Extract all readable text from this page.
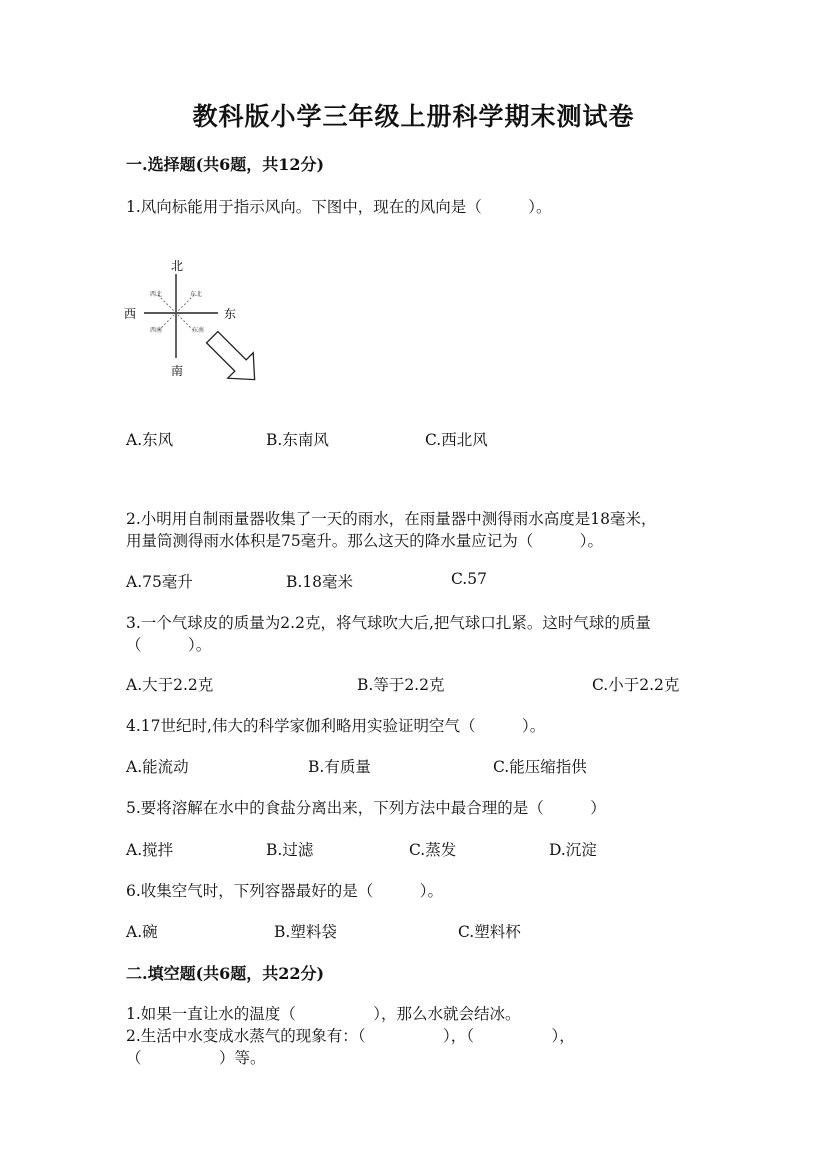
教科版小学三年级上册科学期末测试卷
一.选择题(共6题，共12分)
1.风向标能用于指示风向。下图中，现在的风向是（　　　）。
北
南
东
西
西北	东北
西南	东南
A.东风	B.东南风	C.西北风
2.小明用自制雨量器收集了一天的雨水，在雨量器中测得雨水高度是18毫米，
用量筒测得雨水体积是75毫升。那么这天的降水量应记为（　　　）。
A.75毫升	B.18毫米	C.57
3.一个气球皮的质量为2.2克，将气球吹大后,把气球口扎紧。这时气球的质量
（　　　）。
A.大于2.2克	B.等于2.2克	C.小于2.2克
4.17世纪时,伟大的科学家伽利略用实验证明空气（　　　）。
A.能流动	B.有质量	C.能压缩指供
5.要将溶解在水中的食盐分离出来，下列方法中最合理的是（　　　）
A.搅拌	B.过滤	C.蒸发	D.沉淀
6.收集空气时，下列容器最好的是（　　　）。
A.碗	B.塑料袋	C.塑料杯
二.填空题(共6题，共22分)
1.如果一直让水的温度（　　　　　），那么水就会结冰。
2.生活中水变成水蒸气的现象有：（　　　　　），（　　　　　），
（　　　　　）等。
